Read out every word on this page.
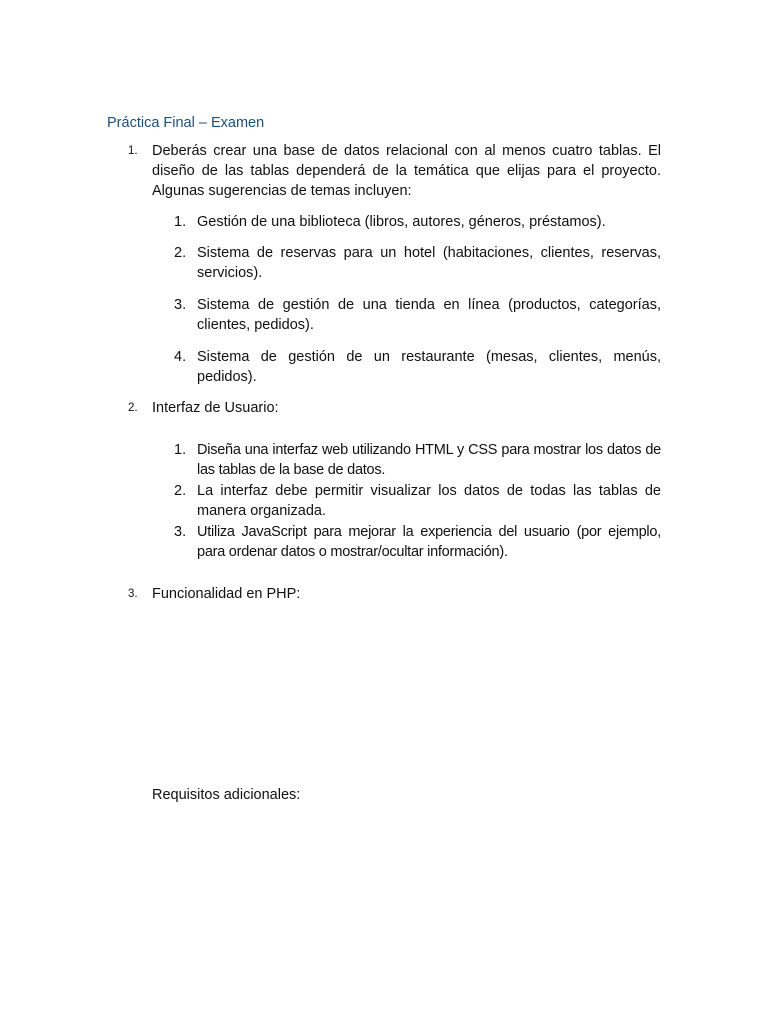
Práctica Final – Examen
1. Deberás crear una base de datos relacional con al menos cuatro tablas. El diseño de las tablas dependerá de la temática que elijas para el proyecto. Algunas sugerencias de temas incluyen:
1. Gestión de una biblioteca (libros, autores, géneros, préstamos).
2. Sistema de reservas para un hotel (habitaciones, clientes, reservas, servicios).
3. Sistema de gestión de una tienda en línea (productos, categorías, clientes, pedidos).
4. Sistema de gestión de un restaurante (mesas, clientes, menús, pedidos).
2. Interfaz de Usuario:
1. Diseña una interfaz web utilizando HTML y CSS para mostrar los datos de las tablas de la base de datos.
2. La interfaz debe permitir visualizar los datos de todas las tablas de manera organizada.
3. Utiliza JavaScript para mejorar la experiencia del usuario (por ejemplo, para ordenar datos o mostrar/ocultar información).
3. Funcionalidad en PHP:
Requisitos adicionales:
